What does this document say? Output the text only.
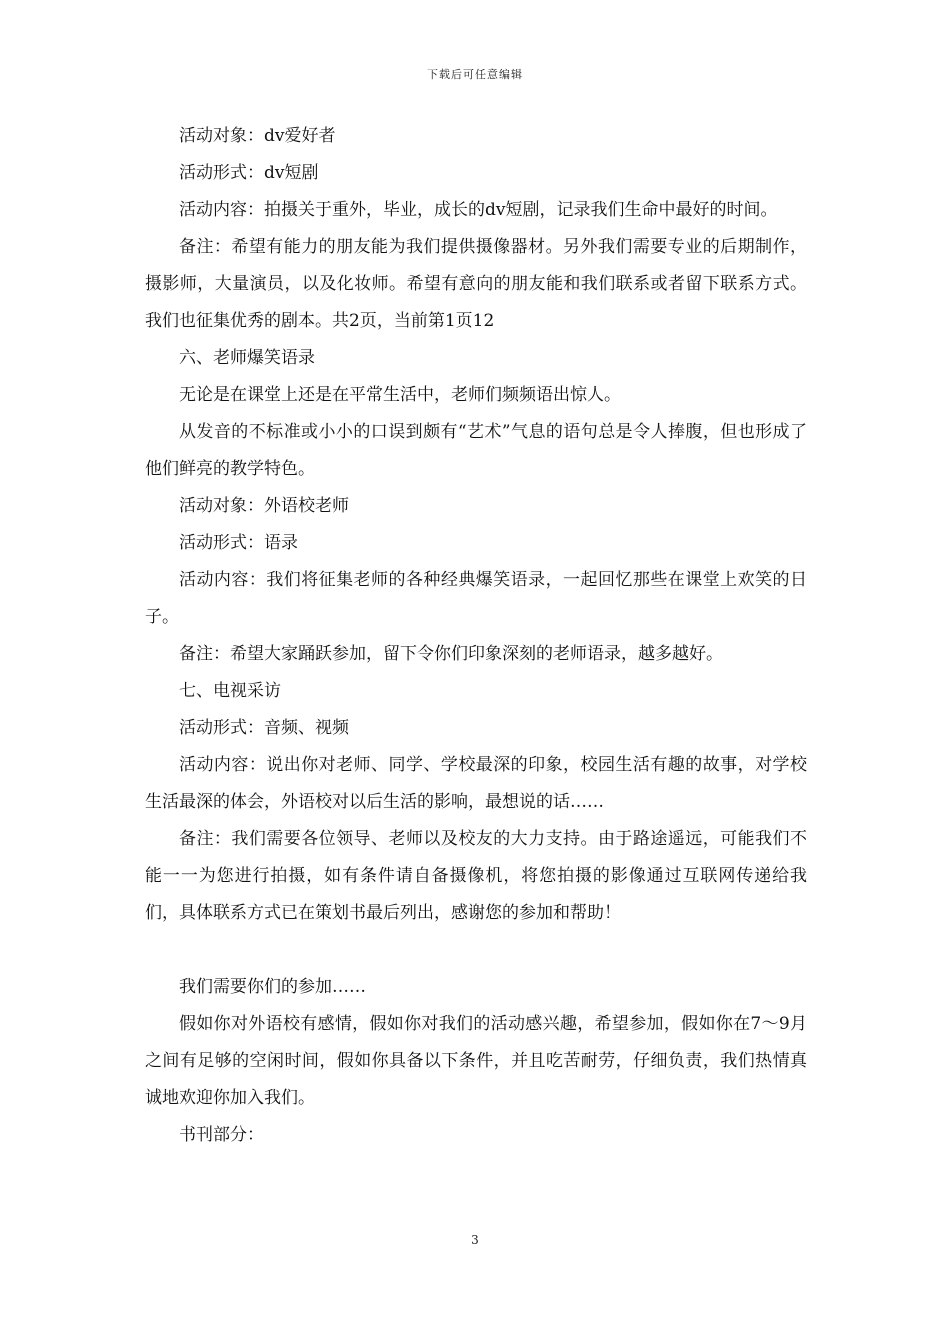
下载后可任意编辑

活动对象：dv爱好者

活动形式：dv短剧

活动内容：拍摄关于重外，毕业，成长的dv短剧，记录我们生命中最好的时间。

备注：希望有能力的朋友能为我们提供摄像器材。另外我们需要专业的后期制作，摄影师，大量演员，以及化妆师。希望有意向的朋友能和我们联系或者留下联系方式。我们也征集优秀的剧本。共2页，当前第1页12

六、老师爆笑语录

无论是在课堂上还是在平常生活中，老师们频频语出惊人。

从发音的不标准或小小的口误到颇有“艺术”气息的语句总是令人捧腹，但也形成了他们鲜亮的教学特色。

活动对象：外语校老师

活动形式：语录

活动内容：我们将征集老师的各种经典爆笑语录，一起回忆那些在课堂上欢笑的日子。

备注：希望大家踊跃参加，留下令你们印象深刻的老师语录，越多越好。

七、电视采访

活动形式：音频、视频

活动内容：说出你对老师、同学、学校最深的印象，校园生活有趣的故事，对学校生活最深的体会，外语校对以后生活的影响，最想说的话……

备注：我们需要各位领导、老师以及校友的大力支持。由于路途遥远，可能我们不能一一为您进行拍摄，如有条件请自备摄像机，将您拍摄的影像通过互联网传递给我们，具体联系方式已在策划书最后列出，感谢您的参加和帮助！

我们需要你们的参加……

假如你对外语校有感情，假如你对我们的活动感兴趣，希望参加，假如你在7～9月之间有足够的空闲时间，假如你具备以下条件，并且吃苦耐劳，仔细负责，我们热情真诚地欢迎你加入我们。

书刊部分：

3
